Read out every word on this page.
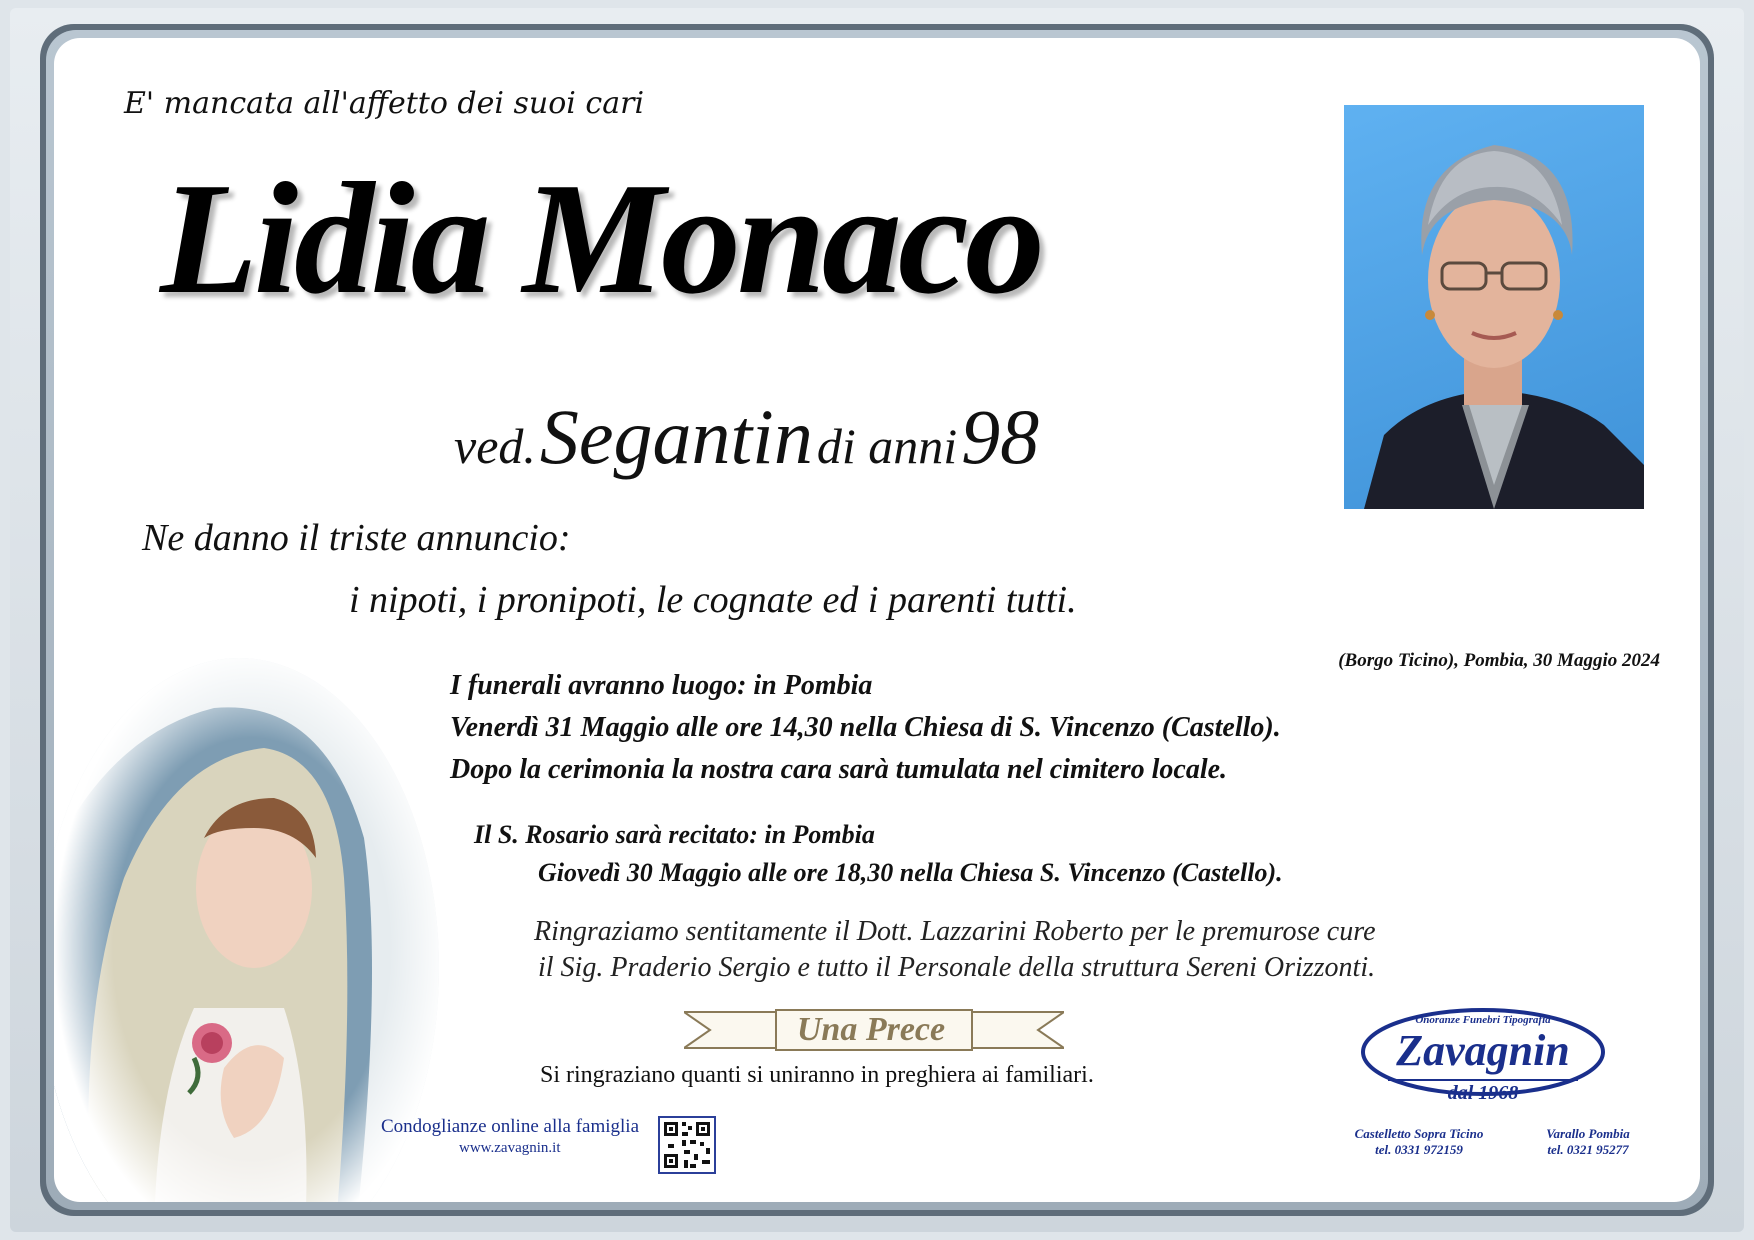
E' mancata all'affetto dei suoi cari
Lidia Monaco
ved. Segantin di anni 98
Ne danno il triste annuncio:
i nipoti, i pronipoti, le cognate ed i parenti tutti.
(Borgo Ticino), Pombia, 30 Maggio 2024
I funerali avranno luogo: in Pombia
Venerdì 31 Maggio alle ore 14,30 nella Chiesa di S. Vincenzo (Castello).
Dopo la cerimonia la nostra cara sarà tumulata nel cimitero locale.
Il S. Rosario sarà recitato: in Pombia
Giovedì 30 Maggio alle ore 18,30 nella Chiesa S. Vincenzo (Castello).
Ringraziamo sentitamente il Dott. Lazzarini Roberto per le premurose cure
il Sig. Praderio Sergio e tutto il Personale della struttura Sereni Orizzonti.
Una Prece
Si ringraziano quanti si uniranno in preghiera ai familiari.
Condoglianze online alla famiglia
www.zavagnin.it
Onoranze Funebri Tipografia
Zavagnin
dal 1968
Castelletto Sopra Ticino
tel. 0331 972159
Varallo Pombia
tel. 0321 95277
